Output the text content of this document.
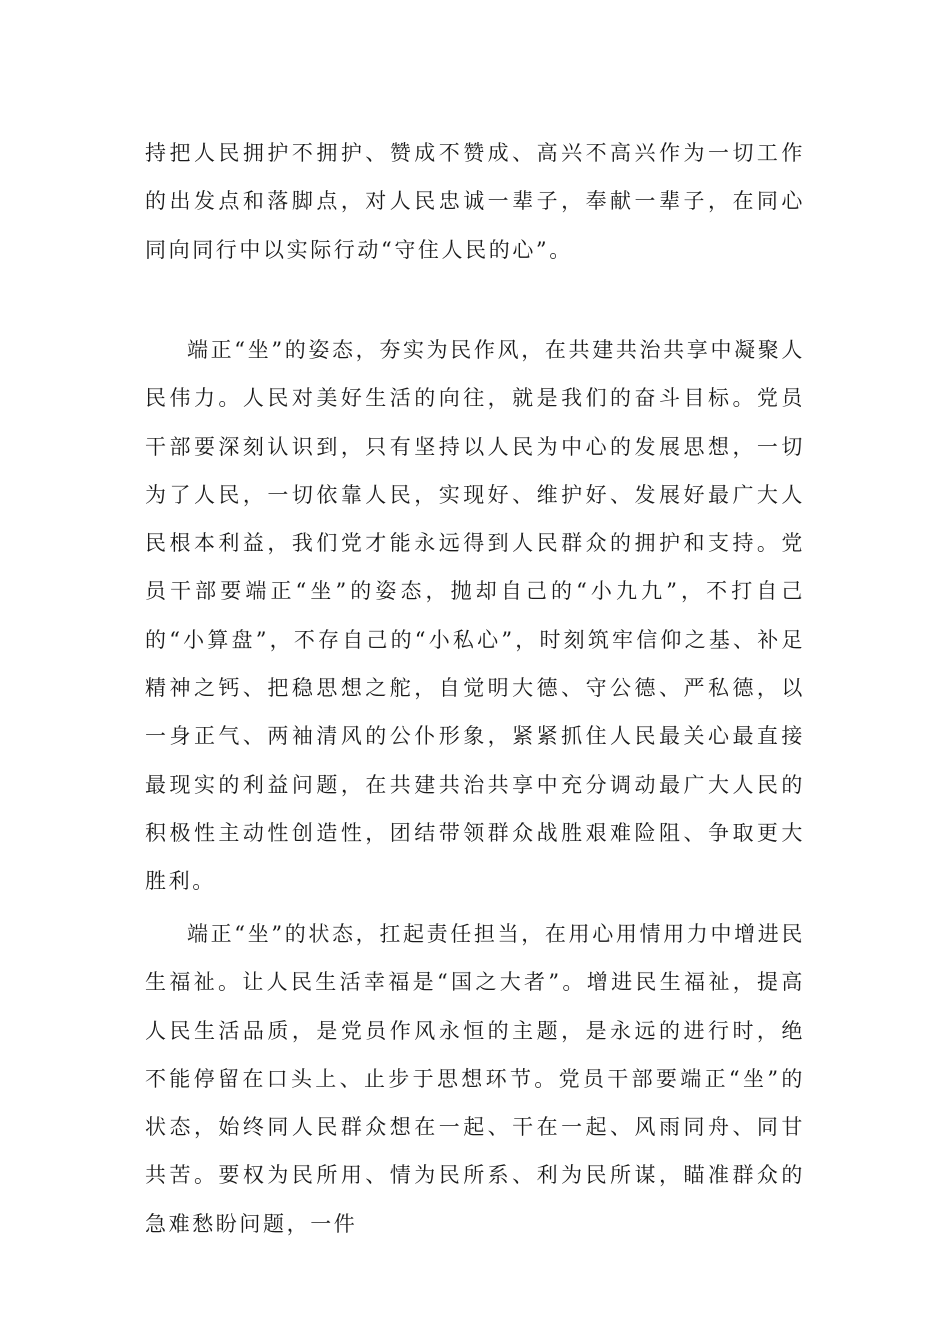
持把人民拥护不拥护、赞成不赞成、高兴不高兴作为一切工作的出发点和落脚点，对人民忠诚一辈子，奉献一辈子，在同心同向同行中以实际行动“守住人民的心”。

端正“坐”的姿态，夯实为民作风，在共建共治共享中凝聚人民伟力。人民对美好生活的向往，就是我们的奋斗目标。党员干部要深刻认识到，只有坚持以人民为中心的发展思想，一切为了人民，一切依靠人民，实现好、维护好、发展好最广大人民根本利益，我们党才能永远得到人民群众的拥护和支持。党员干部要端正“坐”的姿态，抛却自己的“小九九”，不打自己的“小算盘”，不存自己的“小私心”，时刻筑牢信仰之基、补足精神之钙、把稳思想之舵，自觉明大德、守公德、严私德，以一身正气、两袖清风的公仆形象，紧紧抓住人民最关心最直接最现实的利益问题，在共建共治共享中充分调动最广大人民的积极性主动性创造性，团结带领群众战胜艰难险阻、争取更大胜利。

端正“坐”的状态，扛起责任担当，在用心用情用力中增进民生福祉。让人民生活幸福是“国之大者”。增进民生福祉，提高人民生活品质，是党员作风永恒的主题，是永远的进行时，绝不能停留在口头上、止步于思想环节。党员干部要端正“坐”的状态，始终同人民群众想在一起、干在一起、风雨同舟、同甘共苦。要权为民所用、情为民所系、利为民所谋，瞄准群众的急难愁盼问题，一件
